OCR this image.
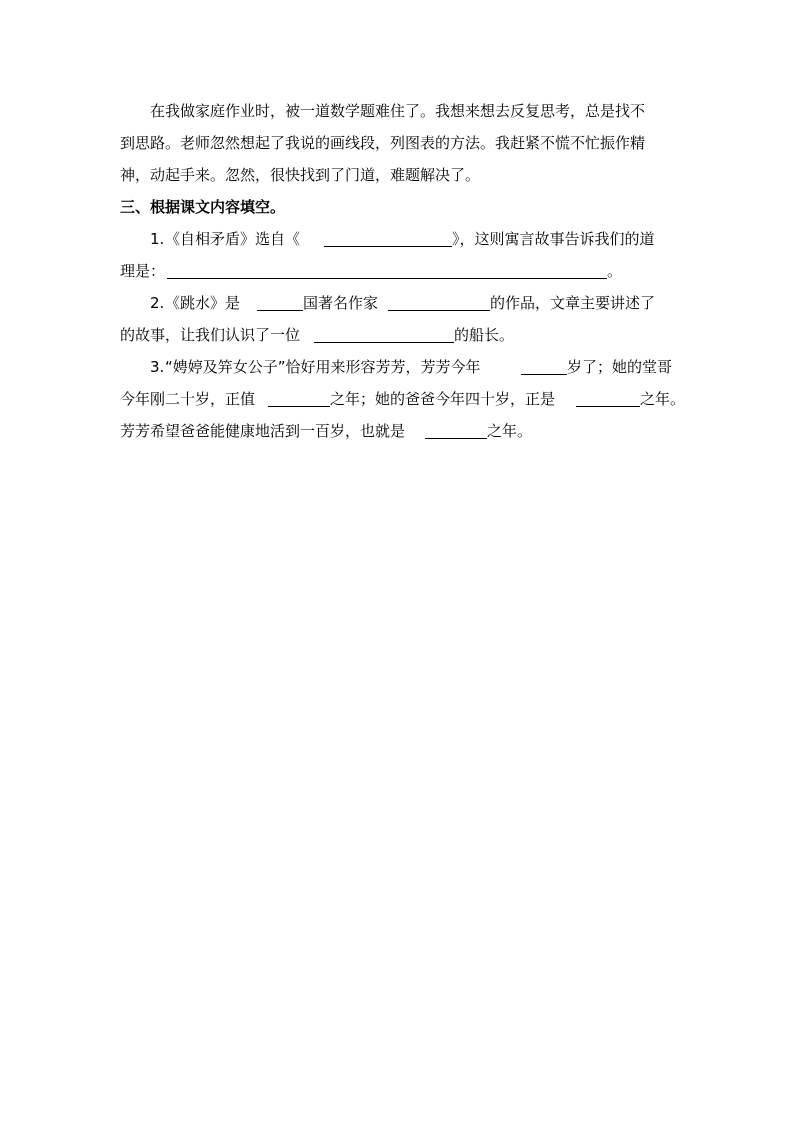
在我做家庭作业时，被一道数学题难住了。我想来想去反复思考，总是找不
到思路。老师忽然想起了我说的画线段，列图表的方法。我赶紧不慌不忙振作精
神，动起手来。忽然，很快找到了门道，难题解决了。
三、根据课文内容填空。
1. 《自相矛盾》选自《	》，这则寓言故事告诉我们的道
理是：	。
2. 《跳水》是	国著名作家	的作品，文章主要讲述了
的故事，让我们认识了一位	的船长。
3. “娉婷及笄女公子”恰好用来形容芳芳，芳芳今年	岁了；她的堂哥
今年刚二十岁，正值	之年；她的爸爸今年四十岁，正是	之年。
芳芳希望爸爸能健康地活到一百岁，也就是	之年。
